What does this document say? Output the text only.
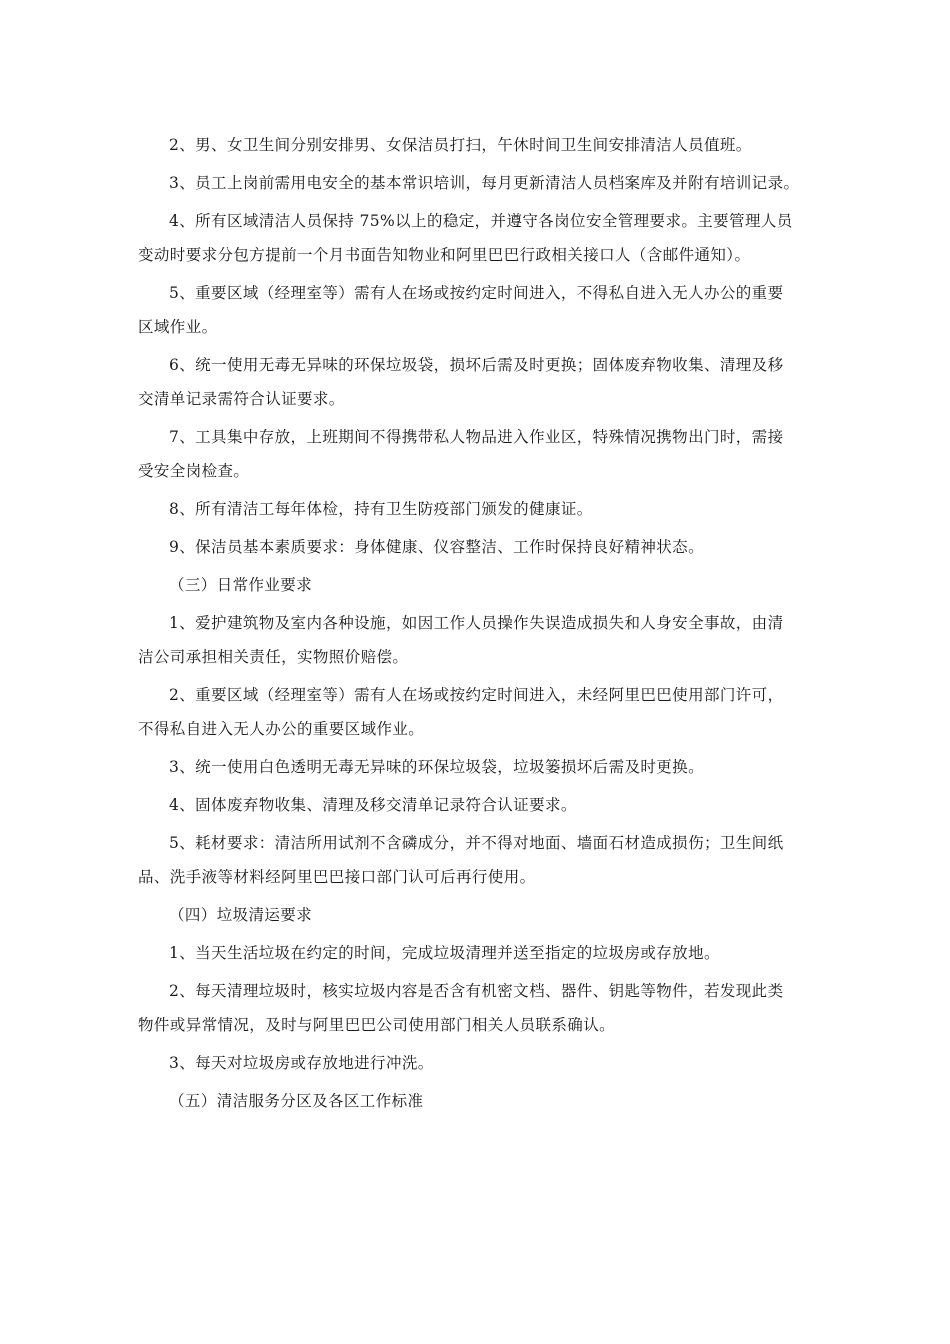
2、男、女卫生间分别安排男、女保洁员打扫，午休时间卫生间安排清洁人员值班。

3、员工上岗前需用电安全的基本常识培训，每月更新清洁人员档案库及并附有培训记录。

4、所有区域清洁人员保持 75%以上的稳定，并遵守各岗位安全管理要求。主要管理人员
变动时要求分包方提前一个月书面告知物业和阿里巴巴行政相关接口人（含邮件通知）。

5、重要区域（经理室等）需有人在场或按约定时间进入，不得私自进入无人办公的重要
区域作业。

6、统一使用无毒无异味的环保垃圾袋，损坏后需及时更换；固体废弃物收集、清理及移
交清单记录需符合认证要求。

7、工具集中存放，上班期间不得携带私人物品进入作业区，特殊情况携物出门时，需接
受安全岗检查。

8、所有清洁工每年体检，持有卫生防疫部门颁发的健康证。

9、保洁员基本素质要求：身体健康、仪容整洁、工作时保持良好精神状态。

（三）日常作业要求

1、爱护建筑物及室内各种设施，如因工作人员操作失误造成损失和人身安全事故，由清
洁公司承担相关责任，实物照价赔偿。

2、重要区域（经理室等）需有人在场或按约定时间进入，未经阿里巴巴使用部门许可，
不得私自进入无人办公的重要区域作业。

3、统一使用白色透明无毒无异味的环保垃圾袋，垃圾篓损坏后需及时更换。

4、固体废弃物收集、清理及移交清单记录符合认证要求。

5、耗材要求：清洁所用试剂不含磷成分，并不得对地面、墙面石材造成损伤；卫生间纸
品、洗手液等材料经阿里巴巴接口部门认可后再行使用。

（四）垃圾清运要求

1、当天生活垃圾在约定的时间，完成垃圾清理并送至指定的垃圾房或存放地。

2、每天清理垃圾时，核实垃圾内容是否含有机密文档、器件、钥匙等物件，若发现此类
物件或异常情况，及时与阿里巴巴公司使用部门相关人员联系确认。

3、每天对垃圾房或存放地进行冲洗。

（五）清洁服务分区及各区工作标准
